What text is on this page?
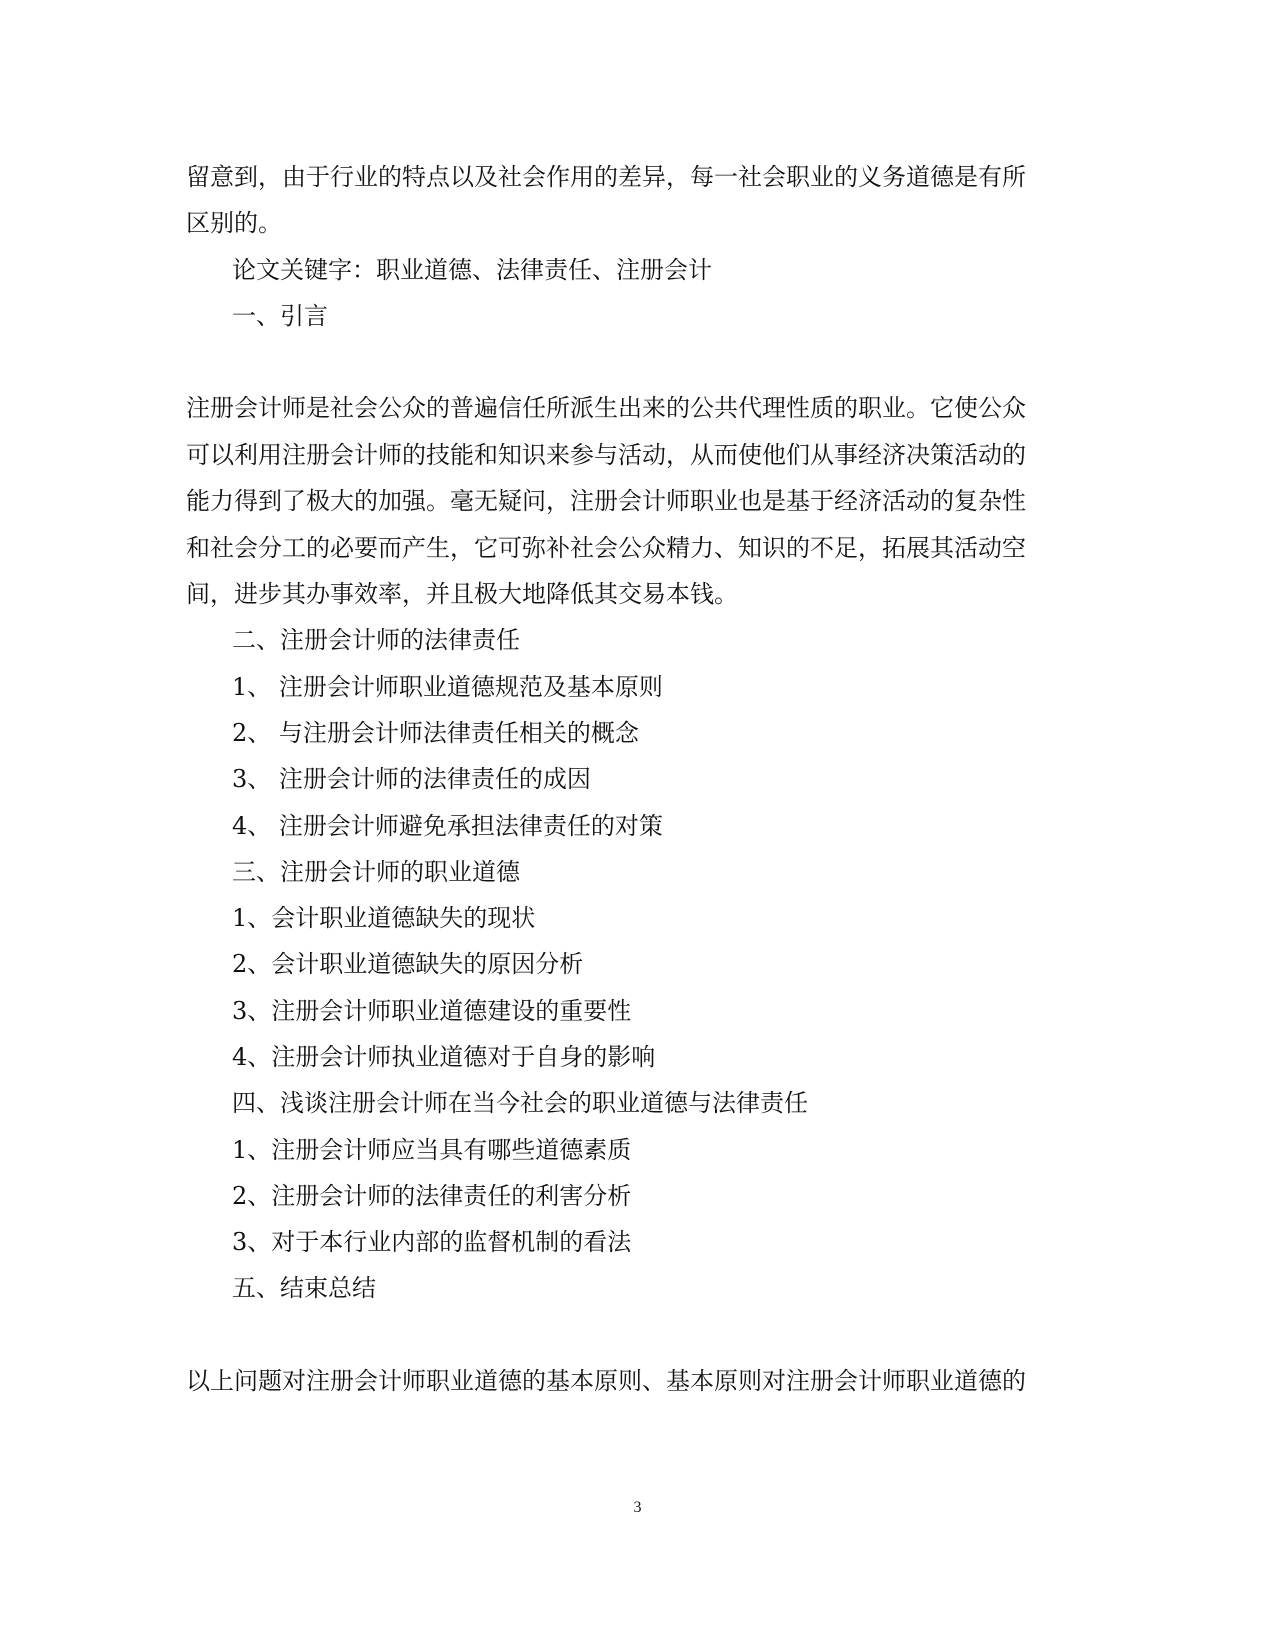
留意到，由于行业的特点以及社会作用的差异，每一社会职业的义务道德是有所

区别的。

论文关键字：职业道德、法律责任、注册会计

一、引言

注册会计师是社会公众的普遍信任所派生出来的公共代理性质的职业。它使公众

可以利用注册会计师的技能和知识来参与活动，从而使他们从事经济决策活动的

能力得到了极大的加强。毫无疑问，注册会计师职业也是基于经济活动的复杂性

和社会分工的必要而产生，它可弥补社会公众精力、知识的不足，拓展其活动空

间，进步其办事效率，并且极大地降低其交易本钱。

二、注册会计师的法律责任

1、 注册会计师职业道德规范及基本原则

2、 与注册会计师法律责任相关的概念

3、 注册会计师的法律责任的成因

4、 注册会计师避免承担法律责任的对策

三、注册会计师的职业道德

1、会计职业道德缺失的现状

2、会计职业道德缺失的原因分析

3、注册会计师职业道德建设的重要性

4、注册会计师执业道德对于自身的影响

四、浅谈注册会计师在当今社会的职业道德与法律责任

1、注册会计师应当具有哪些道德素质

2、注册会计师的法律责任的利害分析

3、对于本行业内部的监督机制的看法

五、结束总结

以上问题对注册会计师职业道德的基本原则、基本原则对注册会计师职业道德的

3
